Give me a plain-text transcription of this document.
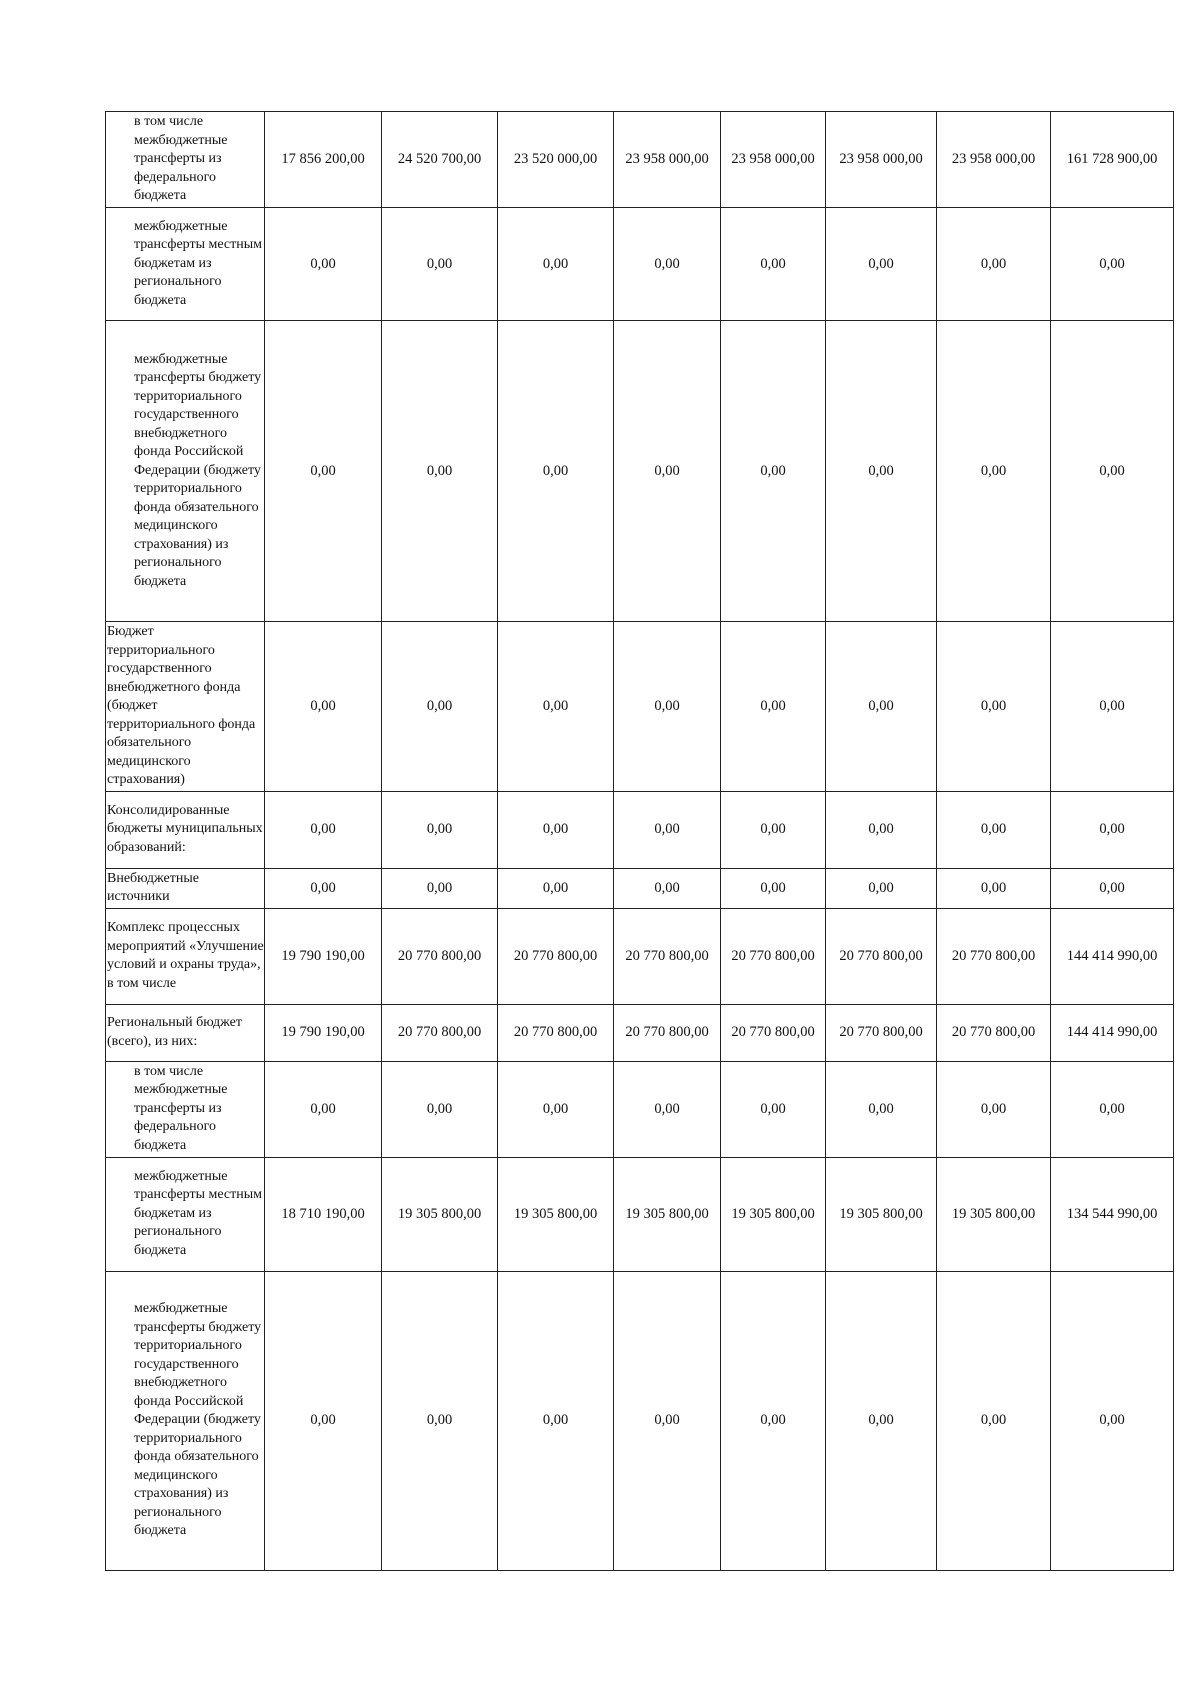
в том числе межбюджетные трансферты из федерального бюджета	17 856 200,00	24 520 700,00	23 520 000,00	23 958 000,00	23 958 000,00	23 958 000,00	23 958 000,00	161 728 900,00
межбюджетные трансферты местным бюджетам из регионального бюджета	0,00	0,00	0,00	0,00	0,00	0,00	0,00	0,00
межбюджетные трансферты бюджету территориального государственного внебюджетного фонда Российской Федерации (бюджету территориального фонда обязательного медицинского страхования) из регионального бюджета	0,00	0,00	0,00	0,00	0,00	0,00	0,00	0,00
Бюджет территориального государственного внебюджетного фонда (бюджет территориального фонда обязательного медицинского страхования)	0,00	0,00	0,00	0,00	0,00	0,00	0,00	0,00
Консолидированные бюджеты муниципальных образований:	0,00	0,00	0,00	0,00	0,00	0,00	0,00	0,00
Внебюджетные источники	0,00	0,00	0,00	0,00	0,00	0,00	0,00	0,00
Комплекс процессных мероприятий «Улучшение условий и охраны труда», в том числе	19 790 190,00	20 770 800,00	20 770 800,00	20 770 800,00	20 770 800,00	20 770 800,00	20 770 800,00	144 414 990,00
Региональный бюджет (всего), из них:	19 790 190,00	20 770 800,00	20 770 800,00	20 770 800,00	20 770 800,00	20 770 800,00	20 770 800,00	144 414 990,00
в том числе межбюджетные трансферты из федерального бюджета	0,00	0,00	0,00	0,00	0,00	0,00	0,00	0,00
межбюджетные трансферты местным бюджетам из регионального бюджета	18 710 190,00	19 305 800,00	19 305 800,00	19 305 800,00	19 305 800,00	19 305 800,00	19 305 800,00	134 544 990,00
межбюджетные трансферты бюджету территориального государственного внебюджетного фонда Российской Федерации (бюджету территориального фонда обязательного медицинского страхования) из регионального бюджета	0,00	0,00	0,00	0,00	0,00	0,00	0,00	0,00
